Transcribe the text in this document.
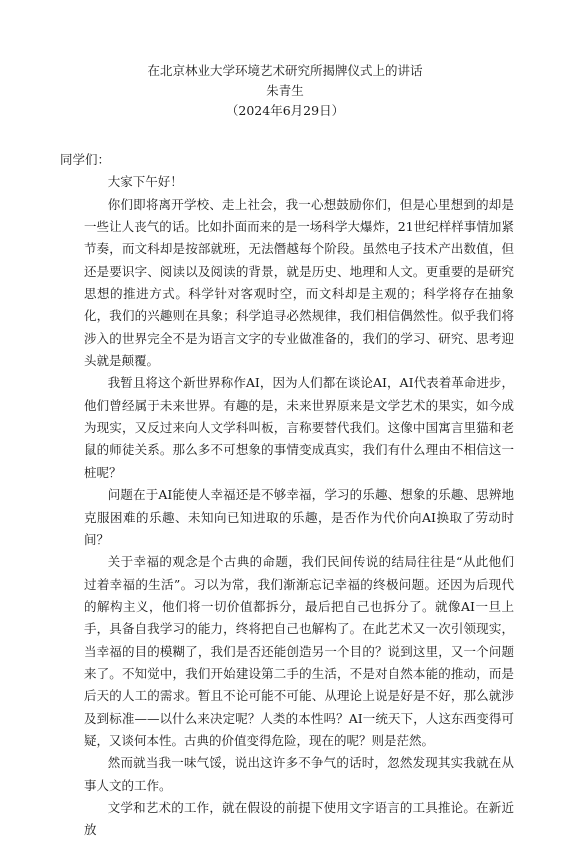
在北京林业大学环境艺术研究所揭牌仪式上的讲话
朱青生
（2024年6月29日）
同学们：

大家下午好！

你们即将离开学校、走上社会，我一心想鼓励你们，但是心里想到的却是一些让人丧气的话。比如扑面而来的是一场科学大爆炸，21世纪样样事情加紧节奏，而文科却是按部就班，无法僭越每个阶段。虽然电子技术产出数值，但还是要识字、阅读以及阅读的背景，就是历史、地理和人文。更重要的是研究思想的推进方式。科学针对客观时空，而文科却是主观的；科学将存在抽象化，我们的兴趣则在具象；科学追寻必然规律，我们相信偶然性。似乎我们将涉入的世界完全不是为语言文字的专业做准备的，我们的学习、研究、思考迎头就是颠覆。

我暂且将这个新世界称作AI，因为人们都在谈论AI，AI代表着革命进步，他们曾经属于未来世界。有趣的是，未来世界原来是文学艺术的果实，如今成为现实，又反过来向人文学科叫板，言称要替代我们。这像中国寓言里猫和老鼠的师徒关系。那么多不可想象的事情变成真实，我们有什么理由不相信这一桩呢？

问题在于AI能使人幸福还是不够幸福，学习的乐趣、想象的乐趣、思辨地克服困难的乐趣、未知向已知进取的乐趣，是否作为代价向AI换取了劳动时间？

关于幸福的观念是个古典的命题，我们民间传说的结局往往是“从此他们过着幸福的生活”。习以为常，我们渐渐忘记幸福的终极问题。还因为后现代的解构主义，他们将一切价值都拆分，最后把自己也拆分了。就像AI一旦上手，具备自我学习的能力，终将把自己也解构了。在此艺术又一次引领现实，当幸福的目的模糊了，我们是否还能创造另一个目的？说到这里，又一个问题来了。不知觉中，我们开始建设第二手的生活，不是对自然本能的推动，而是后天的人工的需求。暂且不论可能不可能、从理论上说是好是不好，那么就涉及到标准——以什么来决定呢？人类的本性吗？AI一统天下，人这东西变得可疑，又谈何本性。古典的价值变得危险，现在的呢？则是茫然。

然而就当我一味气馁，说出这许多不争气的话时，忽然发现其实我就在从事人文的工作。

文学和艺术的工作，就在假设的前提下使用文字语言的工具推论。在新近放
